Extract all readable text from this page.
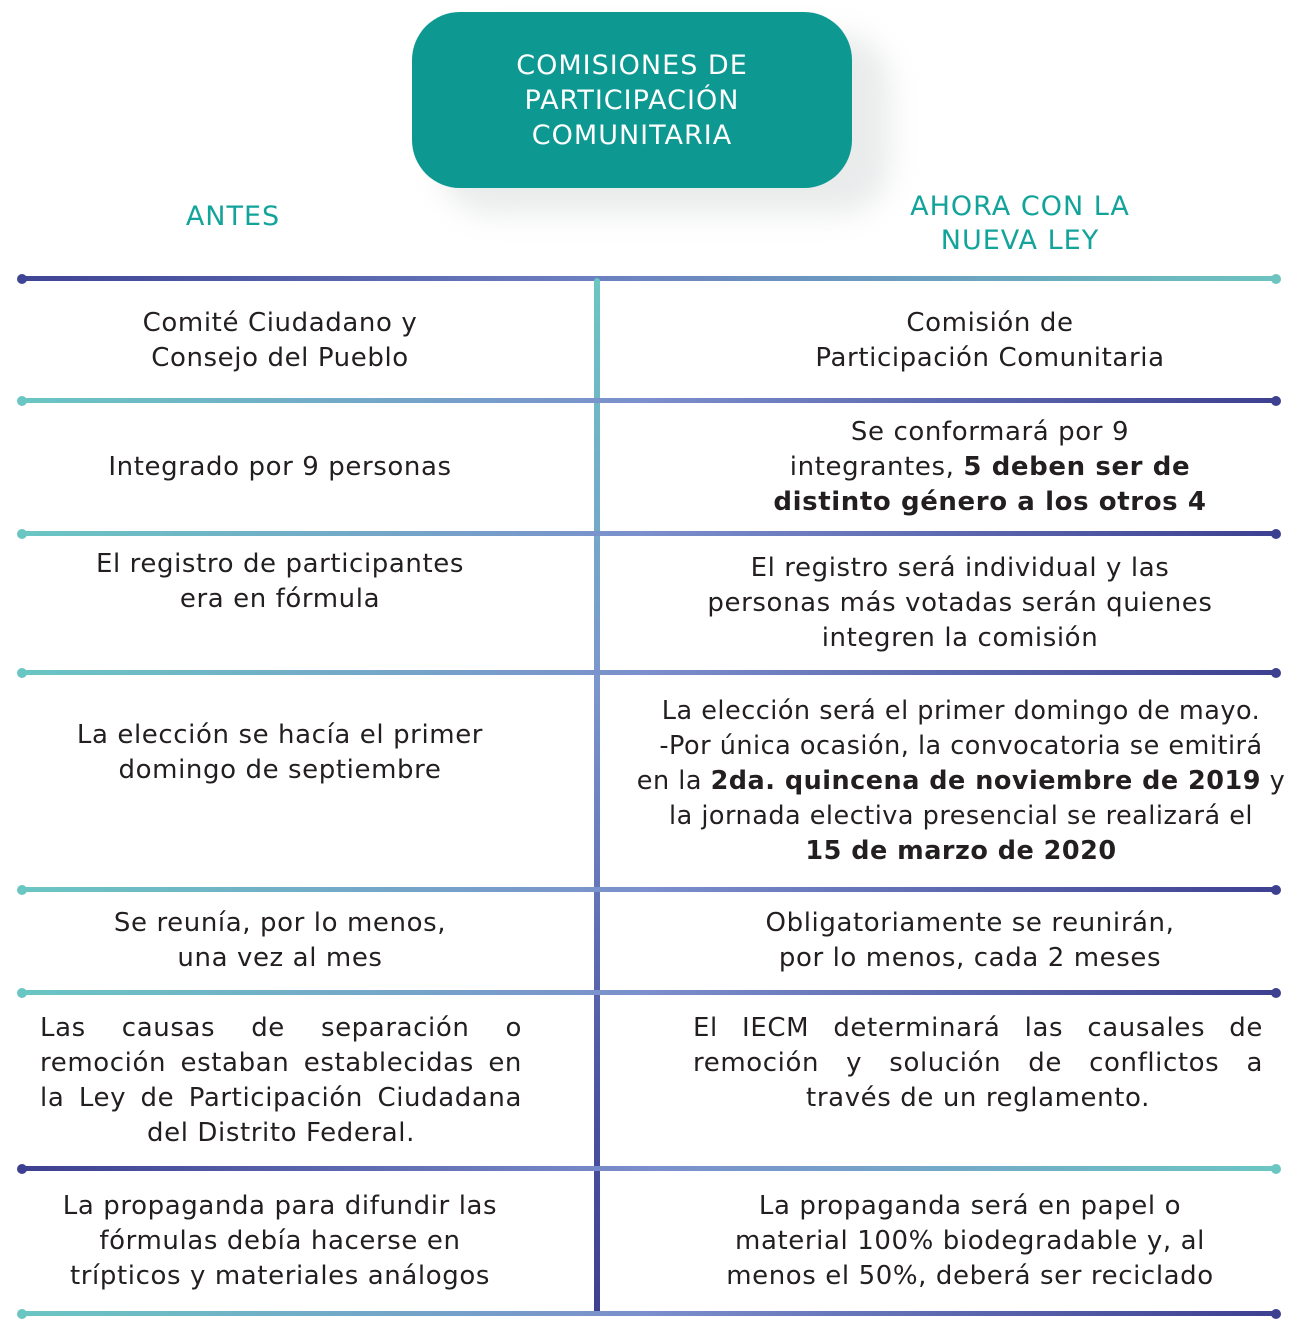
COMISIONES DE
PARTICIPACIÓN
COMUNITARIA
ANTES	AHORA CON LA
NUEVA LEY
Comité Ciudadano y
Consejo del Pueblo
Comisión de
Participación Comunitaria
Integrado por 9 personas
Se conformará por 9
integrantes, 5 deben ser de
distinto género a los otros 4
El registro de participantes
era en fórmula
El registro será individual y las
personas más votadas serán quienes
integren la comisión
La elección se hacía el primer
domingo de septiembre
La elección será el primer domingo de mayo.
-Por única ocasión, la convocatoria se emitirá
en la 2da. quincena de noviembre de 2019 y
la jornada electiva presencial se realizará el
15 de marzo de 2020
Se reunía, por lo menos,
una vez al mes
Obligatoriamente se reunirán,
por lo menos, cada 2 meses
Las causas de separación o remoción estaban establecidas en la Ley de Participación Ciudadana del Distrito Federal.
El IECM determinará las causales de remoción y solución de conflictos a través de un reglamento.
La propaganda para difundir las
fórmulas debía hacerse en
trípticos y materiales análogos
La propaganda será en papel o
material 100% biodegradable y, al
menos el 50%, deberá ser reciclado
